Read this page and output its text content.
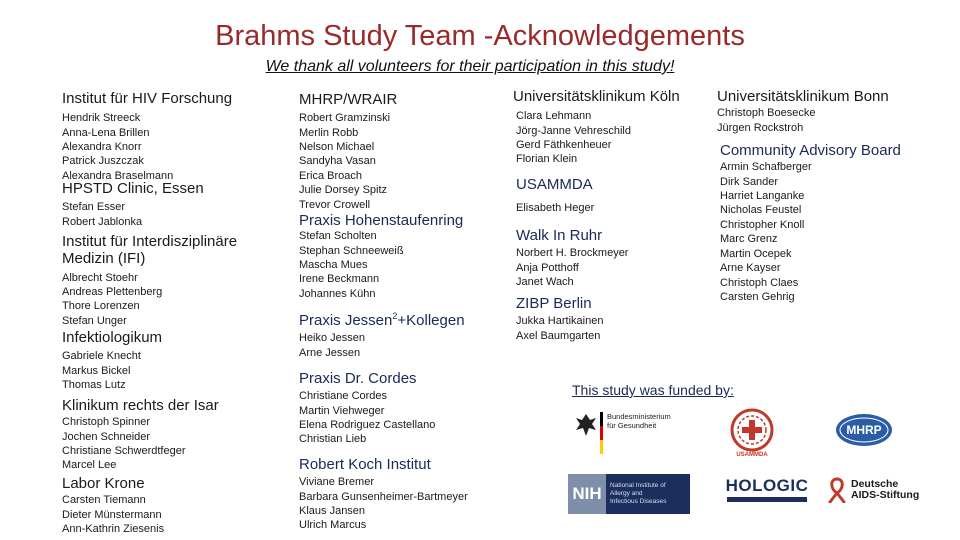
Brahms Study Team -Acknowledgements
We thank all volunteers for their participation in this study!
Institut für HIV Forschung
Hendrik Streeck
Anna-Lena Brillen
Alexandra Knorr
Patrick Juszczak
Alexandra Braselmann
HPSTD Clinic, Essen
Stefan Esser
Robert Jablonka
Institut für Interdisziplinäre Medizin (IFI)
Albrecht Stoehr
Andreas Plettenberg
Thore Lorenzen
Stefan Unger
Infektiologikum
Gabriele Knecht
Markus Bickel
Thomas Lutz
Klinikum rechts der Isar
Christoph Spinner
Jochen Schneider
Christiane Schwerdtfeger
Marcel Lee
Labor Krone
Carsten Tiemann
Dieter Münstermann
Ann-Kathrin Ziesenis
MHRP/WRAIR
Robert Gramzinski
Merlin Robb
Nelson Michael
Sandyha Vasan
Erica Broach
Julie Dorsey Spitz
Trevor Crowell
Praxis Hohenstaufenring
Stefan Scholten
Stephan Schneeweiß
Mascha Mues
Irene Beckmann
Johannes Kühn
Praxis Jessen$^2$+Kollegen
Heiko Jessen
Arne Jessen
Praxis Dr. Cordes
Christiane Cordes
Martin Viehweger
Elena Rodriguez Castellano
Christian Lieb
Robert Koch Institut
Viviane Bremer
Barbara Gunsenheimer-Bartmeyer
Klaus Jansen
Ulrich Marcus
Universitätsklinikum Köln
Clara Lehmann
Jörg-Janne Vehreschild
Gerd Fäthkenheuer
Florian Klein
USAMMDA
Elisabeth Heger
Walk In Ruhr
Norbert H. Brockmeyer
Anja Potthoff
Janet Wach
ZIBP Berlin
Jukka Hartikainen
Axel Baumgarten
Universitätsklinikum Bonn
Christoph Boesecke
Jürgen Rockstroh
Community Advisory Board
Armin Schafberger
Dirk Sander
Harriet Langanke
Nicholas Feustel
Christopher Knoll
Marc Grenz
Martin Ocepek
Arne Kayser
Christoph Claes
Carsten Gehrig
This study was funded by:
Bundesministerium
für Gesundheit
USAMMDA
MHRP
NIH	National Institute of
Allergy and
Infectious Diseases
HOLOGIC	Deutsche
AIDS-Stiftung
